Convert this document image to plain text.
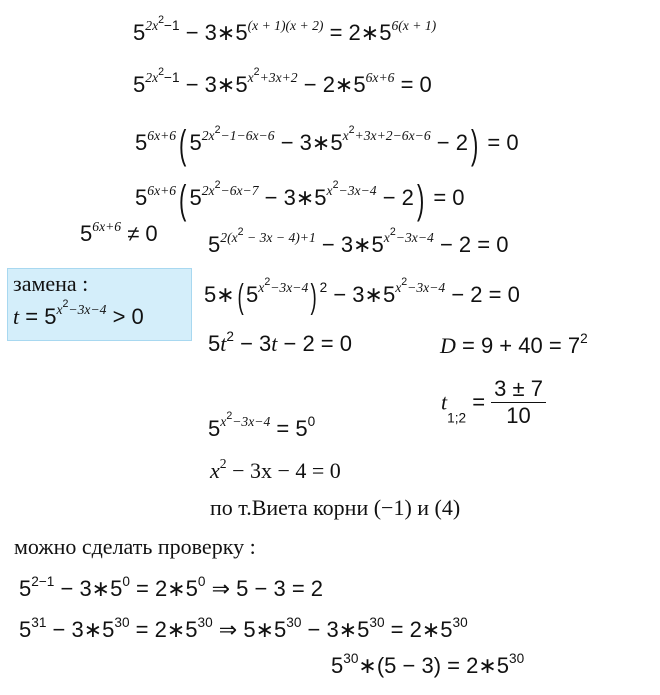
$5^{2x^2-1}$ − $3∗5^{(x + 1)(x + 2)}$ = $2∗5^{6(x + 1)}$
$5^{2x^2-1}$ − $3∗5^{x^2+3x+2}$ − $2∗5^{6x+6} = 0$
$5^{6x+6}$( $5^{2x^2-1-6x-6}$ − $3∗5^{x^2+3x+2-6x-6} - 2) = 0$
$5^{6x+6}$( $5^{2x^2-6x-7}$ − $3∗5^{x^2-3x-4} - 2) = 0$
$5^{6x+6} \ne 0$ $5^{2(x^2 - 3x - 4)+1}$ − $3∗5^{x^2-3x-4} - 2 = 0$
замена :
$t = 5^{x^2-3x-4} > 0$
5∗( $5^{x^2-3x-4}$) $^2 - 3∗5^{x^2-3x-4} - 2 = 0$
$5t^2 - 3t - 2 = 0$	$D = 9 + 40 = 7^2$
$t_{1;2} = \frac{3 \pm 7}{10}$
$5^{x^2-3x-4} = 5^0$
$x^2 - 3x - 4 = 0$
по т.Виета корни (−1) и (4)
можно сделать проверку :
$5^{2-1}$ − $3∗5^0$ = $2∗5^0$ ⇒ 5 − 3 = 2
$5^{31}$ − $3∗5^{30}$ = $2∗5^{30}$ ⇒ $5∗5^{30}$ − $3∗5^{30}$ = $2∗5^{30}$
$5^{30}∗(5 - 3)$ = $2∗5^{30}$
